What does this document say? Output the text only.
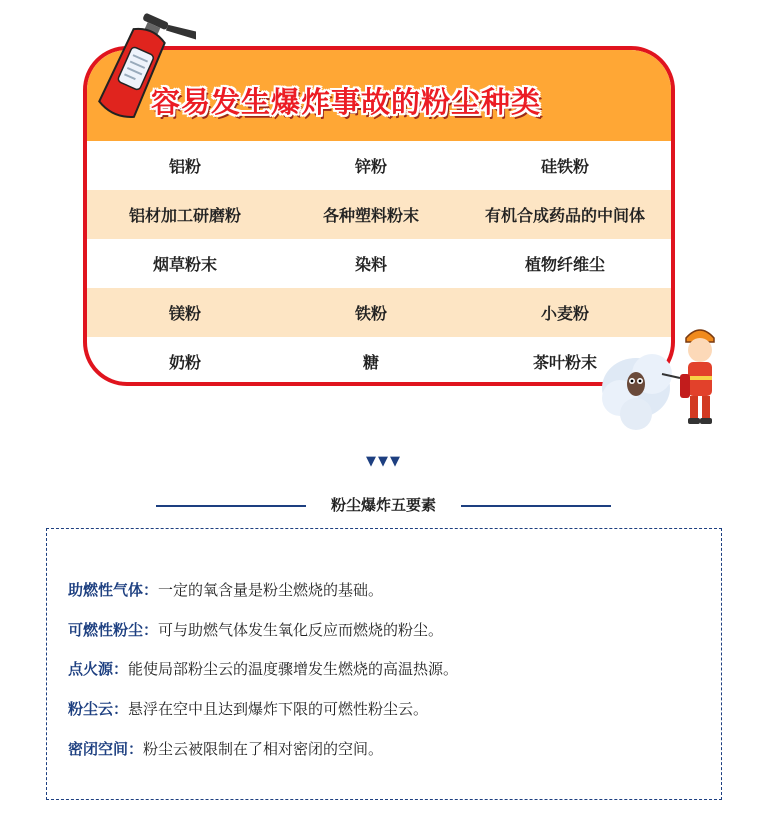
容易发生爆炸事故的粉尘种类
铝粉	锌粉	硅铁粉
铝材加工研磨粉	各种塑料粉末	有机合成药品的中间体
烟草粉末	染料	植物纤维尘
镁粉	铁粉	小麦粉
奶粉	糖	茶叶粉末
▼▼▼
粉尘爆炸五要素
助燃性气体：一定的氧含量是粉尘燃烧的基础。
可燃性粉尘：可与助燃气体发生氧化反应而燃烧的粉尘。
点火源：能使局部粉尘云的温度骤增发生燃烧的高温热源。
粉尘云：悬浮在空中且达到爆炸下限的可燃性粉尘云。
密闭空间：粉尘云被限制在了相对密闭的空间。
